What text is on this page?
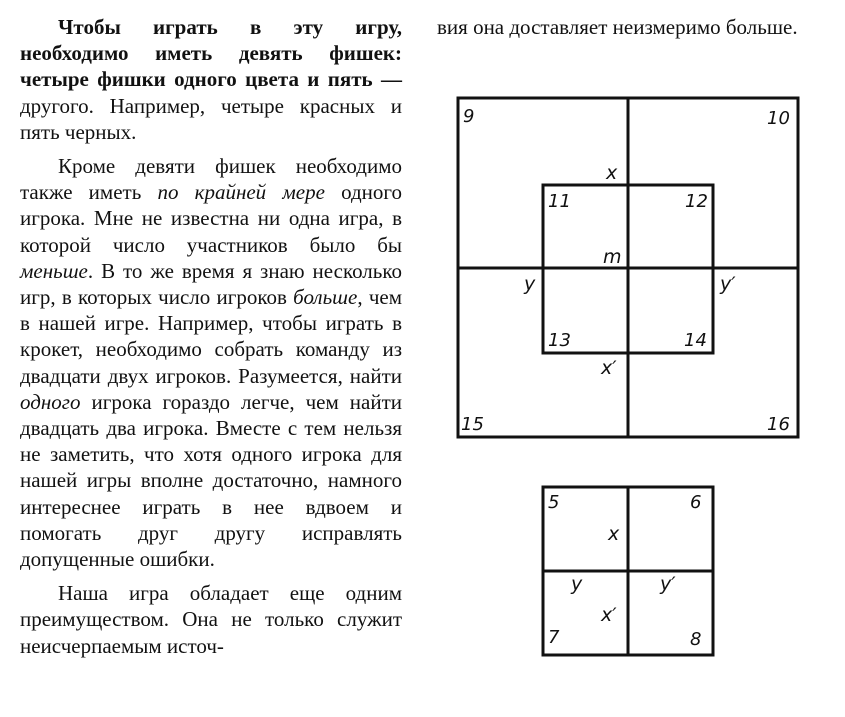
Чтобы играть в эту игру, необходимо иметь девять фишек: четыре фишки одного цвета и пять — другого. Например, четыре красных и пять черных.

Кроме девяти фишек необходимо также иметь по крайней мере одного игрока. Мне не известна ни одна игра, в которой число участников было бы меньше. В то же время я знаю несколько игр, в которых число игроков больше, чем в нашей игре. Например, чтобы играть в крокет, необходимо собрать команду из двадцати двух игроков. Разумеется, найти одного игрока гораздо легче, чем найти двадцать два игрока. Вместе с тем нельзя не заметить, что хотя одного игрока для нашей игры вполне достаточно, намного интереснее играть в нее вдвоем и помогать друг другу исправлять допущенные ошибки.

Наша игра обладает еще одним преимуществом. Она не только служит неисчерпаемым источ-

вия она доставляет неизмеримо больше.
9	10
11	12
13	14
15	16
x
m
y	y′
x′
5	6
7	8
x
y	y′
x′
